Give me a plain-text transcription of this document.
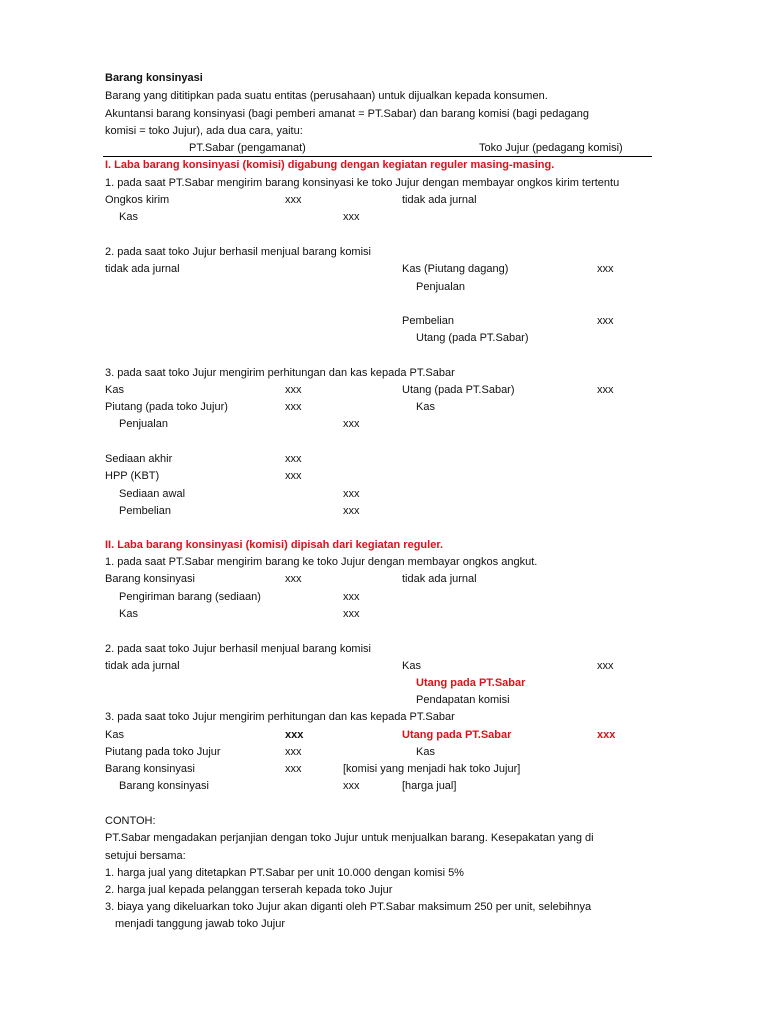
Barang konsinyasi
Barang yang dititipkan pada suatu entitas (perusahaan) untuk dijualkan kepada konsumen.
Akuntansi barang konsinyasi (bagi pemberi amanat = PT.Sabar) dan barang komisi (bagi pedagang
komisi = toko Jujur), ada dua cara, yaitu:
PT.Sabar (pengamanat)	Toko Jujur (pedagang komisi)
I. Laba barang konsinyasi (komisi) digabung dengan kegiatan reguler masing-masing.
1. pada saat PT.Sabar mengirim barang konsinyasi ke toko Jujur dengan membayar ongkos kirim tertentu
Ongkos kirim	xxx	tidak ada jurnal
Kas	xxx
2. pada saat toko Jujur berhasil menjual barang komisi
tidak ada jurnal	Kas (Piutang dagang)	xxx
Penjualan
Pembelian	xxx
Utang (pada PT.Sabar)
3. pada saat toko Jujur mengirim perhitungan dan kas kepada PT.Sabar
Kas	xxx	Utang (pada PT.Sabar)	xxx
Piutang (pada toko Jujur)	xxx	Kas
Penjualan	xxx
Sediaan akhir	xxx
HPP (KBT)	xxx
Sediaan awal	xxx
Pembelian	xxx
II. Laba barang konsinyasi (komisi) dipisah dari kegiatan reguler.
1. pada saat PT.Sabar mengirim barang ke toko Jujur dengan membayar ongkos angkut.
Barang konsinyasi	xxx	tidak ada jurnal
Pengiriman barang (sediaan)	xxx
Kas	xxx
2. pada saat toko Jujur berhasil menjual barang komisi
tidak ada jurnal	Kas	xxx
Utang pada PT.Sabar
Pendapatan komisi
3. pada saat toko Jujur mengirim perhitungan dan kas kepada PT.Sabar
Kas	xxx	Utang pada PT.Sabar	xxx
Piutang pada toko Jujur	xxx	Kas
Barang konsinyasi	xxx	[komisi yang menjadi hak toko Jujur]
Barang konsinyasi	xxx	[harga jual]
CONTOH:
PT.Sabar mengadakan perjanjian dengan toko Jujur untuk menjualkan barang. Kesepakatan yang di
setujui bersama:
1. harga jual yang ditetapkan PT.Sabar per unit 10.000 dengan komisi 5%
2. harga jual kepada pelanggan terserah kepada toko Jujur
3. biaya yang dikeluarkan toko Jujur akan diganti oleh PT.Sabar maksimum 250 per unit, selebihnya
menjadi tanggung jawab toko Jujur
